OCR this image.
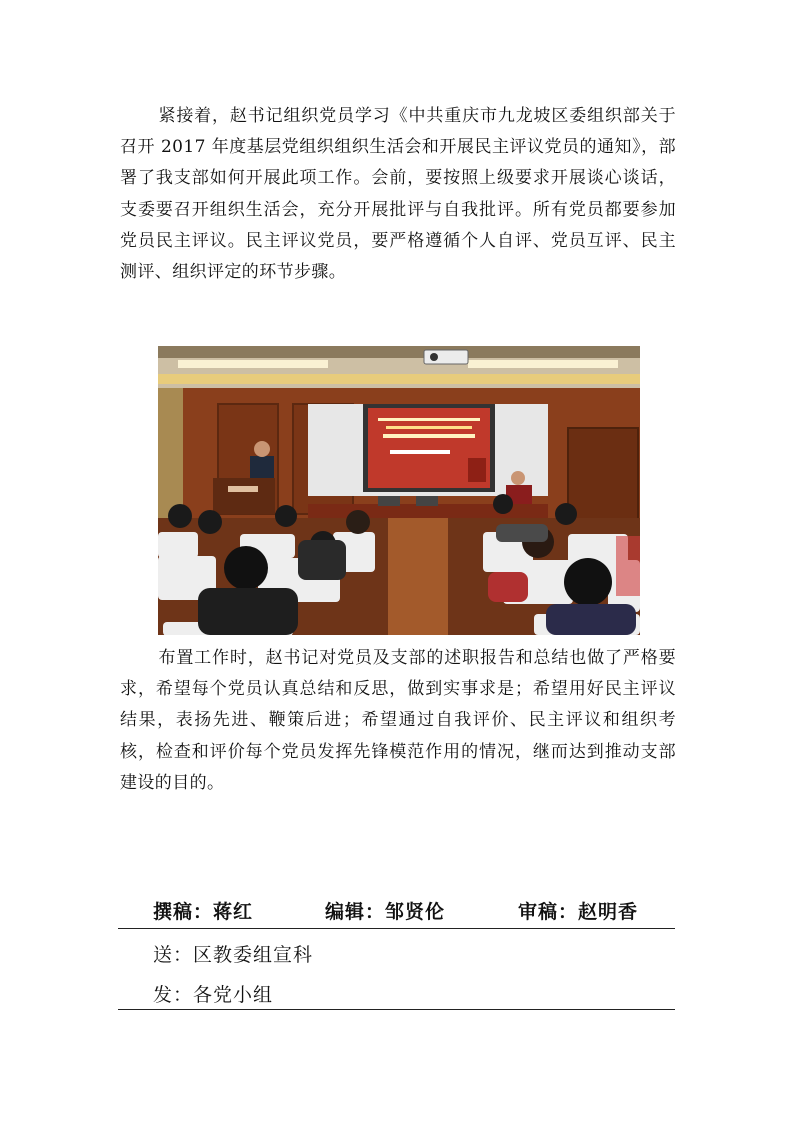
紧接着，赵书记组织党员学习《中共重庆市九龙坡区委组织部关于召开 2017 年度基层党组织组织生活会和开展民主评议党员的通知》，部署了我支部如何开展此项工作。会前，要按照上级要求开展谈心谈话，支委要召开组织生活会，充分开展批评与自我批评。所有党员都要参加党员民主评议。民主评议党员，要严格遵循个人自评、党员互评、民主测评、组织评定的环节步骤。

布置工作时，赵书记对党员及支部的述职报告和总结也做了严格要求，希望每个党员认真总结和反思，做到实事求是；希望用好民主评议结果，表扬先进、鞭策后进；希望通过自我评价、民主评议和组织考核，检查和评价每个党员发挥先锋模范作用的情况，继而达到推动支部建设的目的。

撰稿：蒋红	编辑：邹贤伦	审稿：赵明香
送：区教委组宣科
发：各党小组
